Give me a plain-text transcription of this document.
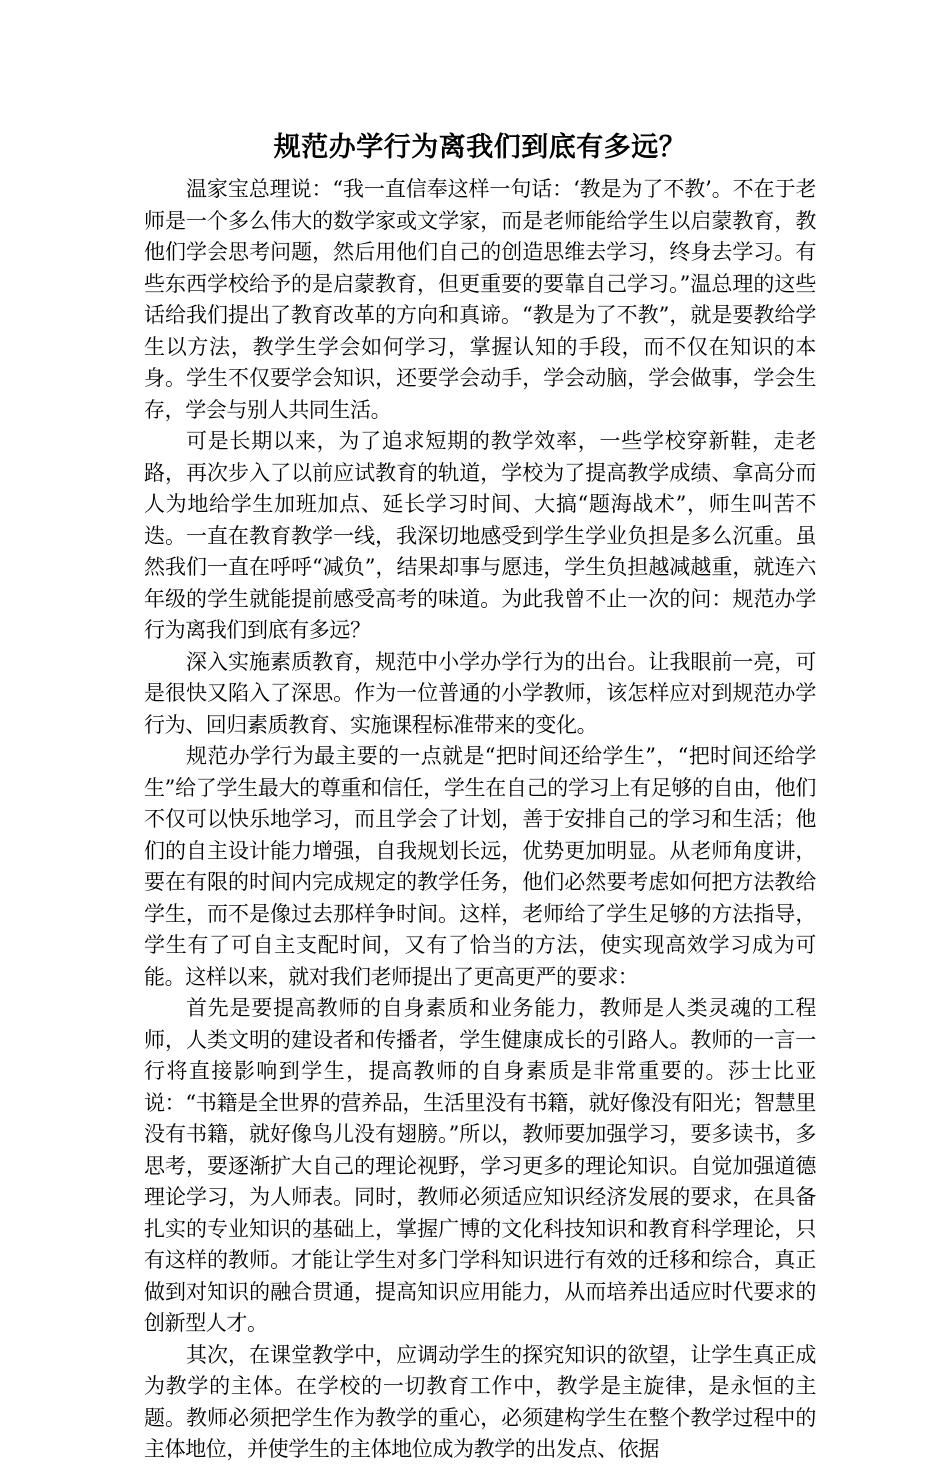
规范办学行为离我们到底有多远？

温家宝总理说：“我一直信奉这样一句话：‘教是为了不教’。不在于老师是一个多么伟大的数学家或文学家，而是老师能给学生以启蒙教育，教他们学会思考问题，然后用他们自己的创造思维去学习，终身去学习。有些东西学校给予的是启蒙教育，但更重要的要靠自己学习。”温总理的这些话给我们提出了教育改革的方向和真谛。“教是为了不教”，就是要教给学生以方法，教学生学会如何学习，掌握认知的手段，而不仅在知识的本身。学生不仅要学会知识，还要学会动手，学会动脑，学会做事，学会生存，学会与别人共同生活。

可是长期以来，为了追求短期的教学效率，一些学校穿新鞋，走老路，再次步入了以前应试教育的轨道，学校为了提高教学成绩、拿高分而人为地给学生加班加点、延长学习时间、大搞“题海战术”，师生叫苦不迭。一直在教育教学一线，我深切地感受到学生学业负担是多么沉重。虽然我们一直在呼呼“减负”，结果却事与愿违，学生负担越减越重，就连六年级的学生就能提前感受高考的味道。为此我曾不止一次的问：规范办学行为离我们到底有多远？

深入实施素质教育，规范中小学办学行为的出台。让我眼前一亮，可是很快又陷入了深思。作为一位普通的小学教师，该怎样应对到规范办学行为、回归素质教育、实施课程标准带来的变化。

规范办学行为最主要的一点就是“把时间还给学生”，“把时间还给学生”给了学生最大的尊重和信任，学生在自己的学习上有足够的自由，他们不仅可以快乐地学习，而且学会了计划，善于安排自己的学习和生活；他们的自主设计能力增强，自我规划长远，优势更加明显。从老师角度讲，要在有限的时间内完成规定的教学任务，他们必然要考虑如何把方法教给学生，而不是像过去那样争时间。这样，老师给了学生足够的方法指导，学生有了可自主支配时间，又有了恰当的方法，使实现高效学习成为可能。这样以来，就对我们老师提出了更高更严的要求：

首先是要提高教师的自身素质和业务能力，教师是人类灵魂的工程师，人类文明的建设者和传播者，学生健康成长的引路人。教师的一言一行将直接影响到学生，提高教师的自身素质是非常重要的。莎士比亚说：“书籍是全世界的营养品，生活里没有书籍，就好像没有阳光；智慧里没有书籍，就好像鸟儿没有翅膀。”所以，教师要加强学习，要多读书，多思考，要逐渐扩大自己的理论视野，学习更多的理论知识。自觉加强道德理论学习，为人师表。同时，教师必须适应知识经济发展的要求，在具备扎实的专业知识的基础上，掌握广博的文化科技知识和教育科学理论，只有这样的教师。才能让学生对多门学科知识进行有效的迁移和综合，真正做到对知识的融合贯通，提高知识应用能力，从而培养出适应时代要求的创新型人才。

其次，在课堂教学中，应调动学生的探究知识的欲望，让学生真正成为教学的主体。在学校的一切教育工作中，教学是主旋律，是永恒的主题。教师必须把学生作为教学的重心，必须建构学生在整个教学过程中的主体地位，并使学生的主体地位成为教学的出发点、依据
